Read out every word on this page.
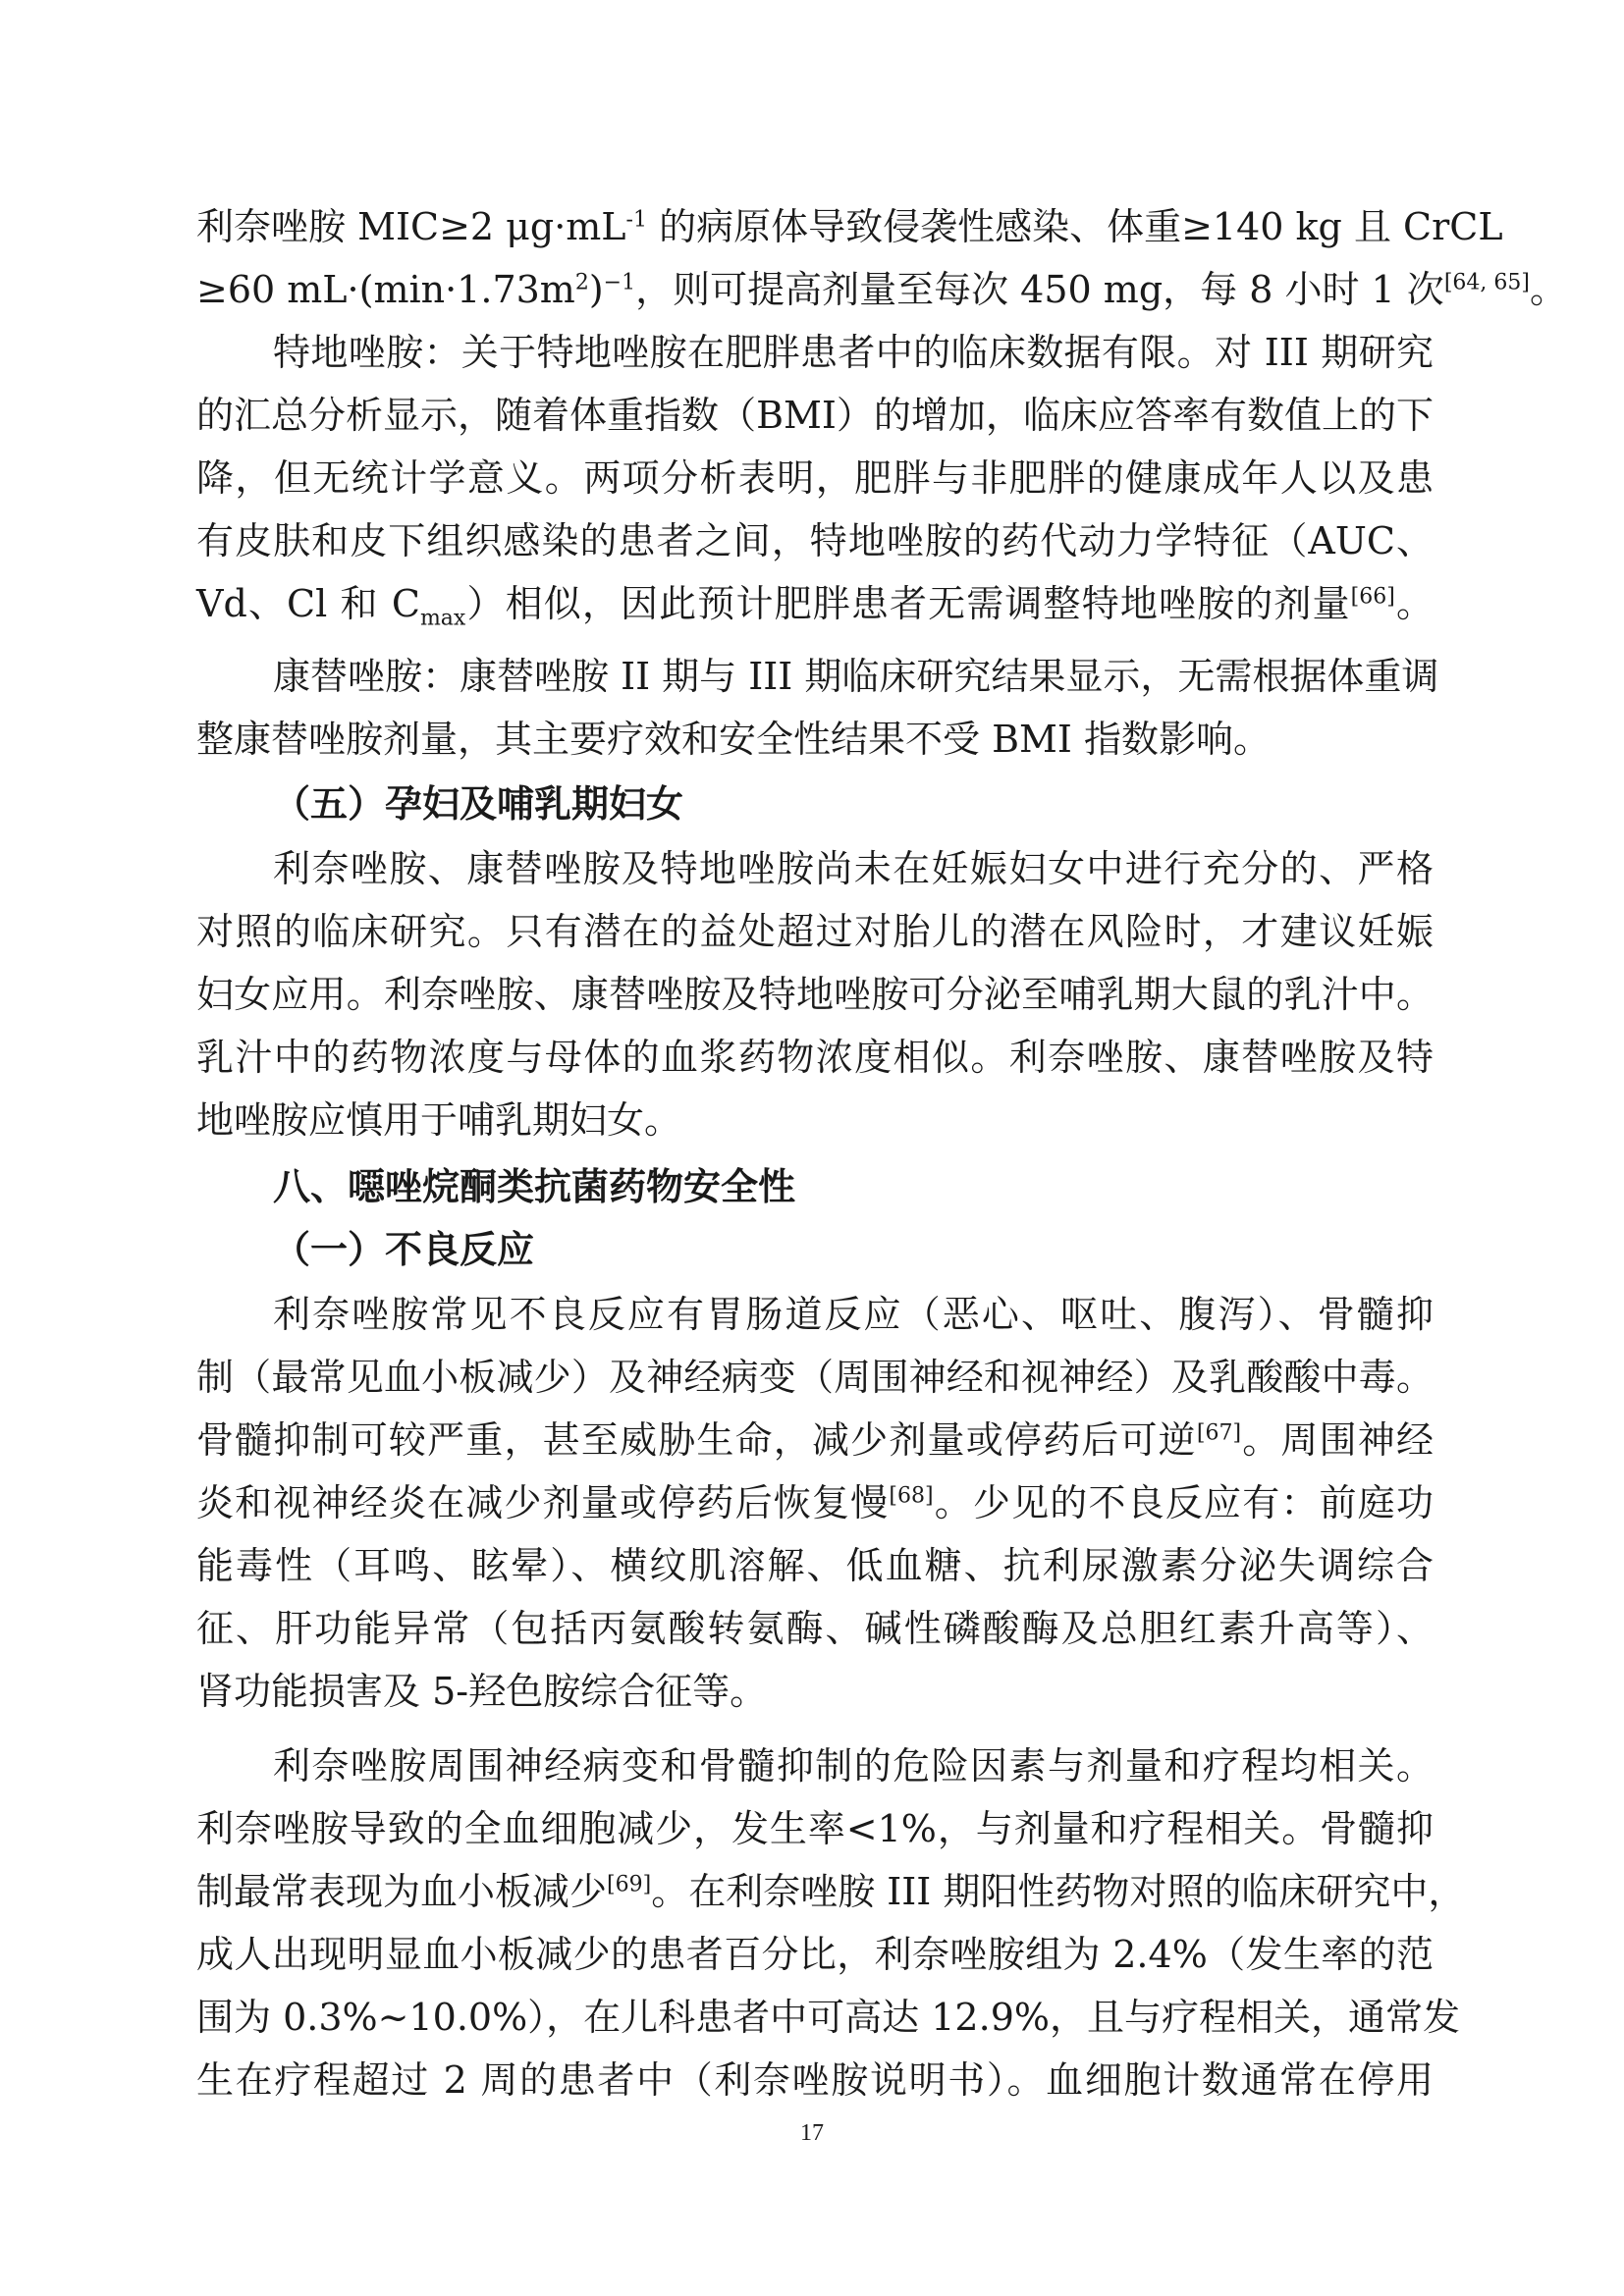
利奈唑胺 MIC≥2 $\mu g\cdot mL^{-1}$ 的病原体导致侵袭性感染、体重≥140 kg 且 CrCL
≥60 $mL\cdot(\min\cdot 1.73m^2)^{-1}$，则可提高剂量至每次 450 mg，每 8 小时 1 次[64, 65]。
特地唑胺：关于特地唑胺在肥胖患者中的临床数据有限。对 III 期研究
的汇总分析显示，随着体重指数（BMI）的增加，临床应答率有数值上的下
降，但无统计学意义。两项分析表明，肥胖与非肥胖的健康成年人以及患
有皮肤和皮下组织感染的患者之间，特地唑胺的药代动力学特征（AUC、
Vd、Cl 和 $C_{max}$）相似，因此预计肥胖患者无需调整特地唑胺的剂量[66]。
康替唑胺：康替唑胺 II 期与 III 期临床研究结果显示，无需根据体重调
整康替唑胺剂量，其主要疗效和安全性结果不受 BMI 指数影响。
（五）孕妇及哺乳期妇女
利奈唑胺、康替唑胺及特地唑胺尚未在妊娠妇女中进行充分的、严格
对照的临床研究。只有潜在的益处超过对胎儿的潜在风险时，才建议妊娠
妇女应用。利奈唑胺、康替唑胺及特地唑胺可分泌至哺乳期大鼠的乳汁中。
乳汁中的药物浓度与母体的血浆药物浓度相似。利奈唑胺、康替唑胺及特
地唑胺应慎用于哺乳期妇女。
八、噁唑烷酮类抗菌药物安全性
（一）不良反应
利奈唑胺常见不良反应有胃肠道反应（恶心、呕吐、腹泻）、骨髓抑
制（最常见血小板减少）及神经病变（周围神经和视神经）及乳酸酸中毒。
骨髓抑制可较严重，甚至威胁生命，减少剂量或停药后可逆[67]。周围神经
炎和视神经炎在减少剂量或停药后恢复慢[68]。少见的不良反应有：前庭功
能毒性（耳鸣、眩晕）、横纹肌溶解、低血糖、抗利尿激素分泌失调综合
征、肝功能异常（包括丙氨酸转氨酶、碱性磷酸酶及总胆红素升高等）、
肾功能损害及 5-羟色胺综合征等。
利奈唑胺周围神经病变和骨髓抑制的危险因素与剂量和疗程均相关。
利奈唑胺导致的全血细胞减少，发生率<1%，与剂量和疗程相关。骨髓抑
制最常表现为血小板减少[69]。在利奈唑胺 III 期阳性药物对照的临床研究中，
成人出现明显血小板减少的患者百分比，利奈唑胺组为 2.4%（发生率的范
围为 0.3%~10.0%），在儿科患者中可高达 12.9%，且与疗程相关，通常发
生在疗程超过 2 周的患者中（利奈唑胺说明书）。血细胞计数通常在停用
17
